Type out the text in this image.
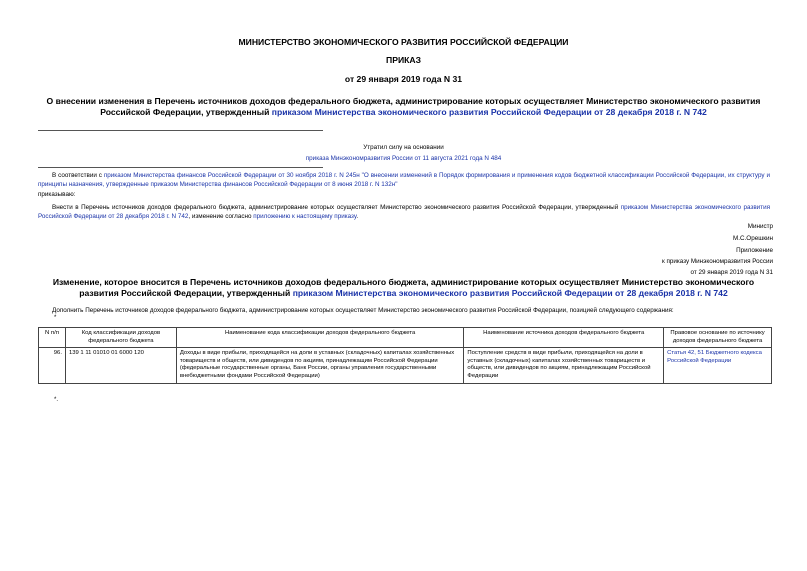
МИНИСТЕРСТВО ЭКОНОМИЧЕСКОГО РАЗВИТИЯ РОССИЙСКОЙ ФЕДЕРАЦИИ
ПРИКАЗ
от 29 января 2019 года N 31
О внесении изменения в Перечень источников доходов федерального бюджета, администрирование которых осуществляет Министерство экономического развития Российской Федерации, утвержденный приказом Министерства экономического развития Российской Федерации от 28 декабря 2018 г. N 742
Утратил силу на основании
приказа Минэкономразвития России от 11 августа 2021 года N 484
В соответствии с приказом Министерства финансов Российской Федерации от 30 ноября 2018 г. N 245н "О внесении изменений в Порядок формирования и применения кодов бюджетной классификации Российской Федерации, их структуру и принципы назначения, утвержденные приказом Министерства финансов Российской Федерации от 8 июня 2018 г. N 132н"
приказываю:
Внести в Перечень источников доходов федерального бюджета, администрирование которых осуществляет Министерство экономического развития Российской Федерации, утвержденный приказом Министерства экономического развития Российской Федерации от 28 декабря 2018 г. N 742, изменение согласно приложению к настоящему приказу.
Министр
М.С.Орешкин
Приложение
к приказу Минэкономразвития России
от 29 января 2019 года N 31
Изменение, которое вносится в Перечень источников доходов федерального бюджета, администрирование которых осуществляет Министерство экономического развития Российской Федерации, утвержденный приказом Министерства экономического развития Российской Федерации от 28 декабря 2018 г. N 742
Дополнить Перечень источников доходов федерального бюджета, администрирование которых осуществляет Министерство экономического развития Российской Федерации, позицией следующего содержания:
*
N п/п	Код классификации доходов федерального бюджета	Наименование кода классификации доходов федерального бюджета	Наименование источника доходов федерального бюджета	Правовое основание по источнику доходов федерального бюджета
96.	139 1 11 01010 01 6000 120	Доходы в виде прибыли, приходящейся на доли в уставных (складочных) капиталах хозяйственных товариществ и обществ, или дивидендов по акциям, принадлежащим Российской Федерации (федеральные государственные органы, Банк России, органы управления государственными внебюджетными фондами Российской Федерации)	Поступление средств в виде прибыли, приходящейся на доли в уставных (складочных) капиталах хозяйственных товариществ и обществ, или дивидендов по акциям, принадлежащим Российской Федерации	Статья 42, 51 Бюджетного кодекса Российской Федерации
*.
